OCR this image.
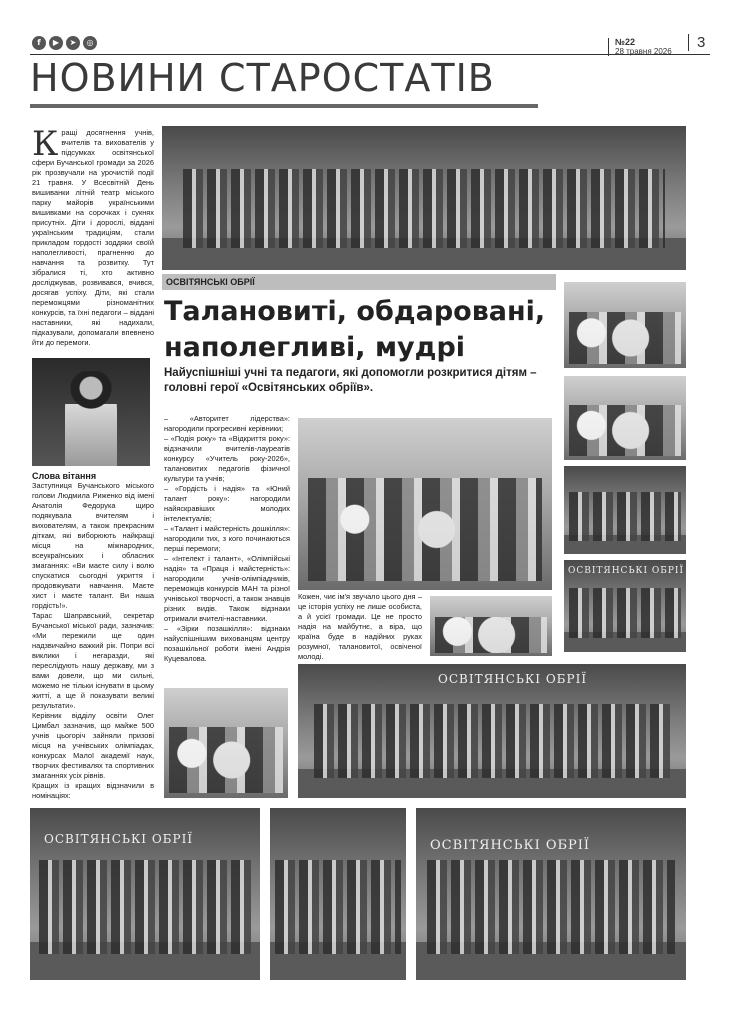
f	▶	➤	◎	№22
28 травня 2026
3
НОВИНИ СТАРОСТАТІВ
ОСВІТЯНСЬКІ ОБРІЇ
ОСВІТЯНСЬКІ ОБРІЇ
Талановиті, обдаровані, наполегливі, мудрі
Найуспішніші учні та педагоги, які допомогли розкритися дітям – головні герої «Освітянських обріїв».
К ращі досягнення учнів, вчителів та вихователів у підсумках освітянської сфери Бучанської громади за 2026 рік прозвучали на урочистій події 21 травня. У Всесвітній День вишиванки літній театр міського парку майорів українськими вишивками на сорочках і сукнях присутніх. Діти і дорослі, віддані українським традиціям, стали прикладом гордості зоддяки своїй наполегливості, прагненню до навчання та розвитку. Тут зібралися ті, хто активно досліджував, розвивався, вчився, досягав успіху. Діти, які стали переможцями різноманітних конкурсів, та їхні педагоги – віддані наставники, які надихали, підказували, допомагали впевнено йти до перемоги.

Слова вітання

Заступниця Бучанського міського голови Людмила Риженко від імені Анатолія Федорука щиро подякувала вчителям і вихователям, а також прекрасним діткам, які виборюють найкращі місця на міжнародних, всеукраїнських і обласних змаганнях: «Ви маєте силу і волю спускатися сьогодні укриття і продовжувати навчання. Маєте хист і маєте талант. Ви наша гордість!».

Тарас Шаправський, секретар Бучанської міської ради, зазначив: «Ми пережили ще один надзвичайно важкий рік. Попри всі виклики і негаразди, які переслідують нашу державу, ми з вами довели, що ми сильні, можемо не тільки існувати в цьому житті, а ще й показувати великі результати».

Керівник відділу освіти Олег Цимбал зазначив, що майже 500 учнів цьогоріч зайняли призові місця на учнівських олімпіадах, конкурсах Малої академії наук, творчих фестивалях та спортивних змаганнях усіх рівнів.

Кращих із кращих відзначили в номінаціях:

– «Авторитет лідерства»: нагородили прогресивні керівники;

– «Подія року» та «Відкриття року»: відзначили вчителів-лауреатів конкурсу «Учитель року-2026», талановитих педагогів фізичної культури та учнів;

– «Гордість і надія» та «Юний талант року»: нагородили найяскравіших молодих інтелектуалів;

– «Талант і майстерність дошкілля»: нагородили тих, з кого починаються перші перемоги;

– «Інтелект і талант», «Олімпійські надія» та «Праця і майстерність»: нагородили учнів-олімпіадників, переможців конкурсів МАН та різної учнівської творчості, а також знавців різних видів. Також відзнаки отримали вчителі-наставники.

– «Зірки позашкілля»: відзнаки найуспішнішим вихованцям центру позашкільної роботи імені Андрія Куцевалова.

Кожен, чиє ім'я звучало цього дня – це історія успіху не лише особиста, а й усієї громади. Це не просто надія на майбутнє, а віра, що країна буде в надійних руках розумної, талановитої, освіченої молоді.

ОСВІТЯНСЬКІ ОБРІЇ
ОСВІТЯНСЬКІ ОБРІЇ	ОСВІТЯНСЬКІ ОБРІЇ
